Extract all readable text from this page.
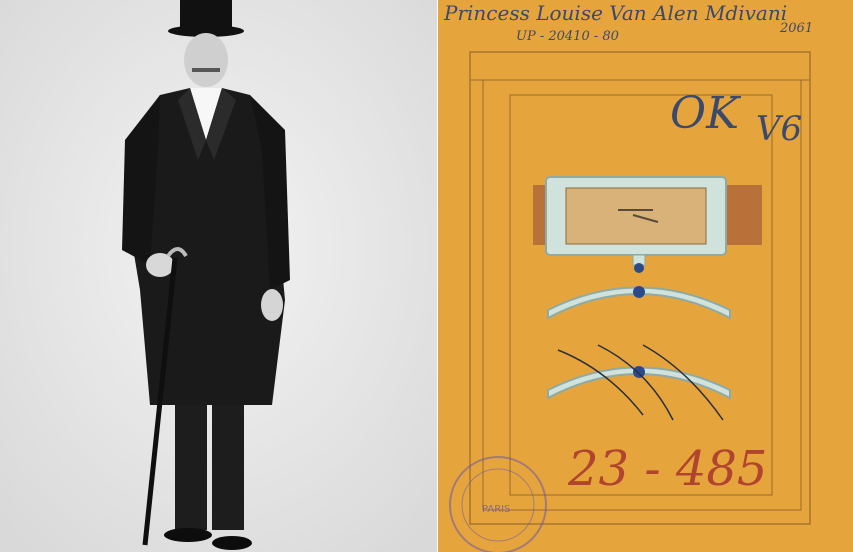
Princess Louise Van Alen Mdivani
UP - 20410 - 80
2061
OK V6
23 - 485
PARIS
